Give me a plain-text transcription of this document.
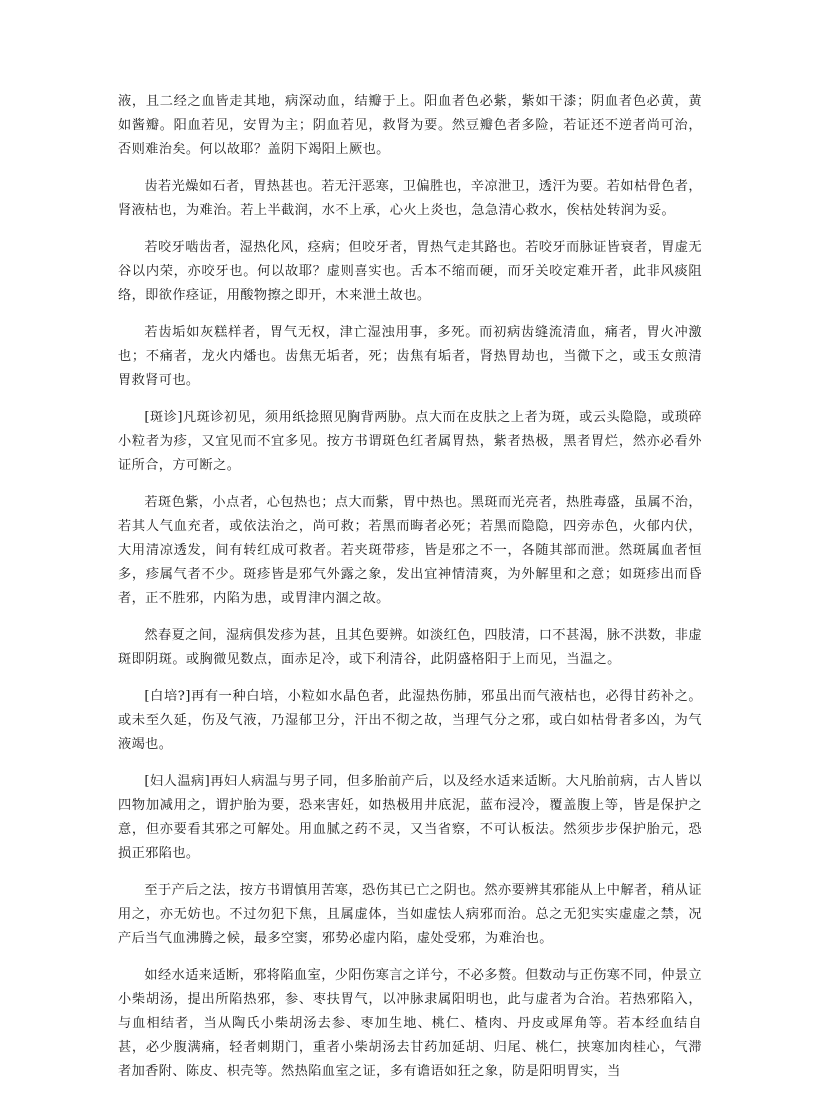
液，且二经之血皆走其地，病深动血，结瓣于上。阳血者色必紫，紫如干漆；阴血者色必黄，黄如酱瓣。阳血若见，安胃为主；阴血若见，救肾为要。然豆瓣色者多险，若证还不逆者尚可治，否则难治矣。何以故耶？盖阴下竭阳上厥也。

齿若光燥如石者，胃热甚也。若无汗恶寒，卫偏胜也，辛凉泄卫，透汗为要。若如枯骨色者，肾液枯也，为难治。若上半截润，水不上承，心火上炎也，急急清心救水，俟枯处转润为妥。

若咬牙啮齿者，湿热化风，痉病；但咬牙者，胃热气走其路也。若咬牙而脉证皆衰者，胃虚无谷以内荣，亦咬牙也。何以故耶？虚则喜实也。舌本不缩而硬，而牙关咬定难开者，此非风痰阻络，即欲作痉证，用酸物擦之即开，木来泄土故也。

若齿垢如灰糕样者，胃气无权，津亡湿浊用事，多死。而初病齿缝流清血，痛者，胃火冲激也；不痛者，龙火内燔也。齿焦无垢者，死；齿焦有垢者，肾热胃劫也，当微下之，或玉女煎清胃救肾可也。

[斑诊]凡斑诊初见，须用纸捻照见胸背两胁。点大而在皮肤之上者为斑，或云头隐隐，或琐碎小粒者为疹，又宜见而不宜多见。按方书谓斑色红者属胃热，紫者热极，黑者胃烂，然亦必看外证所合，方可断之。

若斑色紫，小点者，心包热也；点大而紫，胃中热也。黑斑而光亮者，热胜毒盛，虽属不治，若其人气血充者，或依法治之，尚可救；若黑而晦者必死；若黑而隐隐，四旁赤色，火郁内伏，大用清凉透发，间有转红成可救者。若夹斑带疹，皆是邪之不一，各随其部而泄。然斑属血者恒多，疹属气者不少。斑疹皆是邪气外露之象，发出宜神情清爽，为外解里和之意；如斑疹出而昏者，正不胜邪，内陷为患，或胃津内涸之故。

然春夏之间，湿病俱发疹为甚，且其色要辨。如淡红色，四肢清，口不甚渴，脉不洪数，非虚斑即阴斑。或胸微见数点，面赤足冷，或下利清谷，此阴盛格阳于上而见，当温之。

[白培?]再有一种白培，小粒如水晶色者，此湿热伤肺，邪虽出而气液枯也，必得甘药补之。或未至久延，伤及气液，乃湿郁卫分，汗出不彻之故，当理气分之邪，或白如枯骨者多凶，为气液竭也。

[妇人温病]再妇人病温与男子同，但多胎前产后，以及经水适来适断。大凡胎前病，古人皆以四物加减用之，谓护胎为要，恐来害妊，如热极用井底泥，蓝布浸冷，覆盖腹上等，皆是保护之意，但亦要看其邪之可解处。用血腻之药不灵，又当省察，不可认板法。然须步步保护胎元，恐损正邪陷也。

至于产后之法，按方书谓慎用苦寒，恐伤其已亡之阴也。然亦要辨其邪能从上中解者，稍从证用之，亦无妨也。不过勿犯下焦，且属虚体，当如虚怯人病邪而治。总之无犯实实虚虚之禁，况产后当气血沸腾之候，最多空窦，邪势必虚内陷，虚处受邪，为难治也。

如经水适来适断，邪将陷血室，少阳伤寒言之详兮，不必多赘。但数动与正伤寒不同，仲景立小柴胡汤，提出所陷热邪，参、枣扶胃气，以冲脉隶属阳明也，此与虚者为合治。若热邪陷入，与血相结者，当从陶氏小柴胡汤去参、枣加生地、桃仁、楂肉、丹皮或犀角等。若本经血结自甚，必少腹满痛，轻者刺期门，重者小柴胡汤去甘药加延胡、归尾、桃仁，挟寒加肉桂心，气滞者加香附、陈皮、枳壳等。然热陷血室之证，多有谵语如狂之象，防是阳明胃实，当
